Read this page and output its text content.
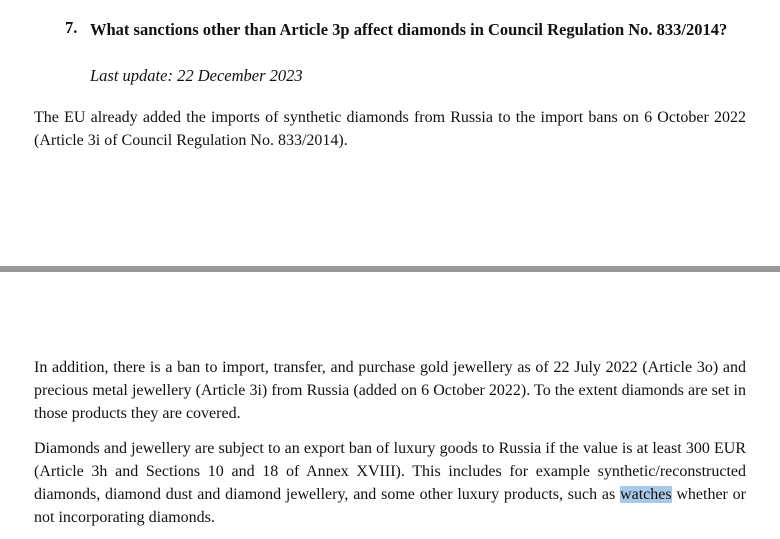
7. What sanctions other than Article 3p affect diamonds in Council Regulation No. 833/2014?
Last update: 22 December 2023

The EU already added the imports of synthetic diamonds from Russia to the import bans on 6 October 2022 (Article 3i of Council Regulation No. 833/2014).

In addition, there is a ban to import, transfer, and purchase gold jewellery as of 22 July 2022 (Article 3o) and precious metal jewellery (Article 3i) from Russia (added on 6 October 2022). To the extent diamonds are set in those products they are covered.

Diamonds and jewellery are subject to an export ban of luxury goods to Russia if the value is at least 300 EUR (Article 3h and Sections 10 and 18 of Annex XVIII). This includes for example synthetic/reconstructed diamonds, diamond dust and diamond jewellery, and some other luxury products, such as watches whether or not incorporating diamonds.
